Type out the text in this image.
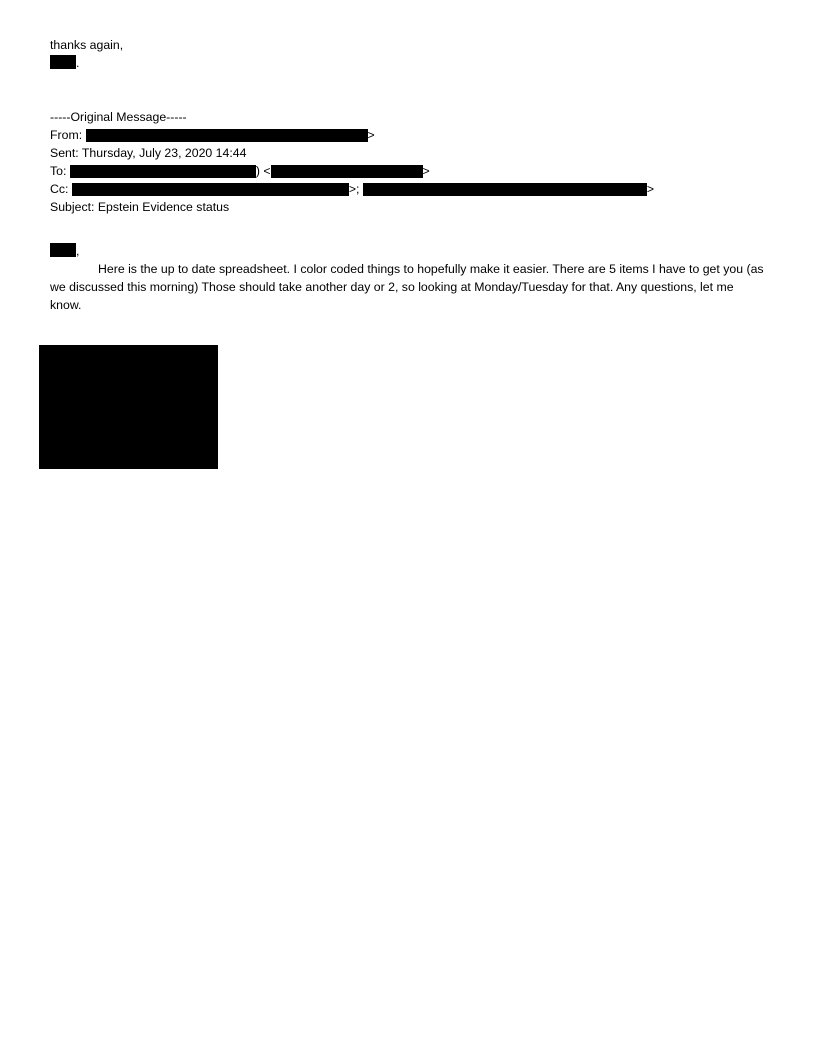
thanks again,
.
-----Original Message-----
From:	>
Sent: Thursday, July 23, 2020 14:44
To:	) <	>
Cc:	>;	>
Subject: Epstein Evidence status
,
Here is the up to date spreadsheet. I color coded things to hopefully make it easier. There are 5 items I have to get you (as we discussed this morning) Those should take another day or 2, so looking at Monday/Tuesday for that. Any questions, let me know.
